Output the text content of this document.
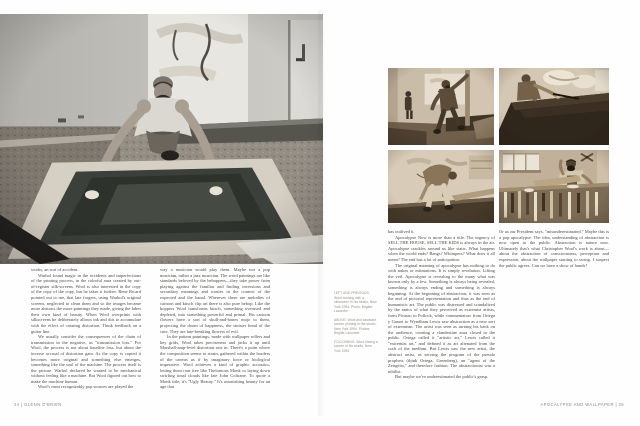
works, an sort of accident.

Warhol found magic in the accidents and imperfections of the printing process, in the colorful aura created by out-of-register silk-screens. Wool is also interested in the copy of the copy of the copy, but he takes it further. Rene Ricard pointed out to me, that late forgers, using Warhol's original screens, neglected to clean them and so the images became more abstract the more paintings they made, giving the fakes their own kind of beauty. When Wool overprints with silkscreens he deliberately allows ink and dirt to accumulate with the effect of creating distortion. Think feedback on a guitar line.

We usually consider the consequences of the chain of transmission in the negative, as "transmission loss." For Wool, the process is not about baseline loss, but about the inverse accrual of distortion gain. As the copy is copied it becomes more original and something else emerges, something like the soul of the machine. The process itself is the picture. Warhol declared he wanted to be mechanical without feeling like a machine. But Wool figured out how to make the machine human.

Wool's most recognizably pop sources are played the

way a musician would play them. Maybe not a pop musician, rather a jazz musician. The word paintings are like standards beloved by the beboppers—they take power from playing against the familiar and finding inversions and secondary meanings and ironies in the context of the expected and the banal. Wherever there are melodies of cartoon and kitsch clip art there is also pure bebop. Like the boppers Wool transforms kitsch, something overused and depleted, into something powerful and primal. His cartoon flowers have a sort of skull-and-bones mojo to them, projecting the doom of happiness, the sinister bond of the cute. They are late-breaking flowers of evil.

In the pattern paintings, made with wallpaper rollers and key grids, Wool takes preciseness and jacks it up until Marshall-amp-level distortion sets in. There's a point where the composition seems to strain, gathered within the borders of the canvas as if by imaginary force or biological imperative. Wool achieves a kind of graphic acoustics, letting them roar free like Thelonious Monk or laying down swirling tonal clouds like late John Coltrane. To quote a Monk title, it's "Ugly Beauty." It's astonishing beauty for an age that

24 | GLENN O'BRIEN

LEFT AND PREVIOUS: Wool working with a silkscreen in his studio, New York 1994. Photo: Brigitte Lacombe

ABOVE: Wool and assistant screen printing in the studio, New York 1994. Photos: Brigitte Lacombe

FOLLOWING: Wool rinsing a screen in his studio, New York 1994

has outlived it.

Apocalypse Now is more than a title. The urgency of SELL THE HOUSE, SELL THE KIDS is always in the air. Apocalypse crackles around us like static. What happens when the world ends? Bangs? Whimpers? What does it all mean? The end has a lot of anticipation.

The original meaning of apocalypse has nothing to do with nukes or estimations. It is simply revelation. Lifting the veil. Apocalypse is revealing to the many what was known only by a few. Something is always being revealed, something is always ending and something is always beginning. At the beginning of abstraction, it was seen as the end of pictorial representation and thus as the end of humanistic art. The public was distressed and scandalized by the antics of what they perceived as extremist artists, from Picasso to Pollock, while commentators from Ortega y Gasset to Wyndham Lewis saw abstraction as a new sort of extremism. The artist was seen as turning his back on the audience, creating a clandestine aura closed to the public. Ortega called it "artistic art," Lewis called it "extremist art," and defined it as art alienated from the craft of the medium. But Lewis saw the new artist, the abstract artist, as serving the program of the pseudo prophets (think Ortega, Greenberg), an "agent of the Zeitgeist," and therefore fashion. The abstractionist was a nihilist.

But maybe we've underestimated the public's grasp.

Or as our President says, "misunderestimated." Maybe this is a pop apocalypse. The idea, understanding of abstraction is now open to the public. Abstraction is nature now. Ultimately that's what Christopher Wool's work is about—about the abstraction of consciousness, perception and expression, about the wallpaper starting to swing. I suspect the public agrees. Can we have a show of hands?

APOCALYPSE AND WALLPAPER | 25
